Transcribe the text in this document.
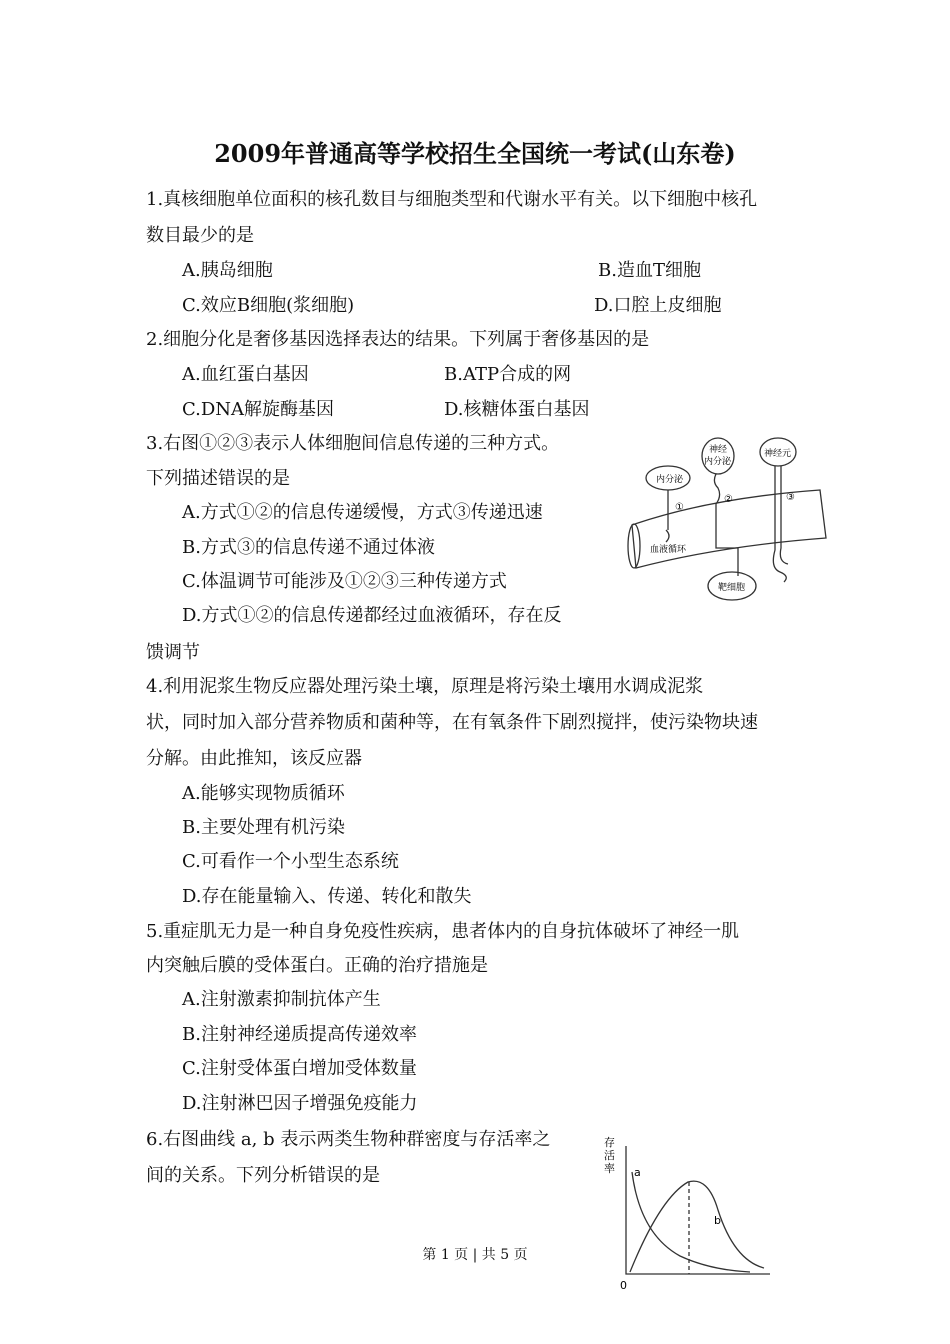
2009年普通高等学校招生全国统一考试(山东卷)
1.真核细胞单位面积的核孔数目与细胞类型和代谢水平有关。以下细胞中核孔
数目最少的是
A.胰岛细胞	B.造血T细胞
C.效应B细胞(浆细胞)	D.口腔上皮细胞
2.细胞分化是奢侈基因选择表达的结果。下列属于奢侈基因的是
A.血红蛋白基因	B.ATP合成的网
C.DNA解旋酶基因	D.核糖体蛋白基因
3.右图①②③表示人体细胞间信息传递的三种方式。
下列描述错误的是
A.方式①②的信息传递缓慢，方式③传递迅速
B.方式③的信息传递不通过体液
C.体温调节可能涉及①②③三种传递方式
D.方式①②的信息传递都经过血液循环，存在反
馈调节
内分泌
神经
内分泌
神经元
血液循环
靶细胞
①
②	③
4.利用泥浆生物反应器处理污染土壤，原理是将污染土壤用水调成泥浆
状，同时加入部分营养物质和菌种等，在有氧条件下剧烈搅拌，使污染物块速
分解。由此推知，该反应器
A.能够实现物质循环
B.主要处理有机污染
C.可看作一个小型生态系统
D.存在能量输入、传递、转化和散失
5.重症肌无力是一种自身免疫性疾病，患者体内的自身抗体破坏了神经一肌
内突触后膜的受体蛋白。正确的治疗措施是
A.注射激素抑制抗体产生
B.注射神经递质提高传递效率
C.注射受体蛋白增加受体数量
D.注射淋巴因子增强免疫能力
6.右图曲线 a, b 表示两类生物种群密度与存活率之
间的关系。下列分析错误的是
存
活
率
存活率
0
a
b
第 1 页 | 共 5 页
